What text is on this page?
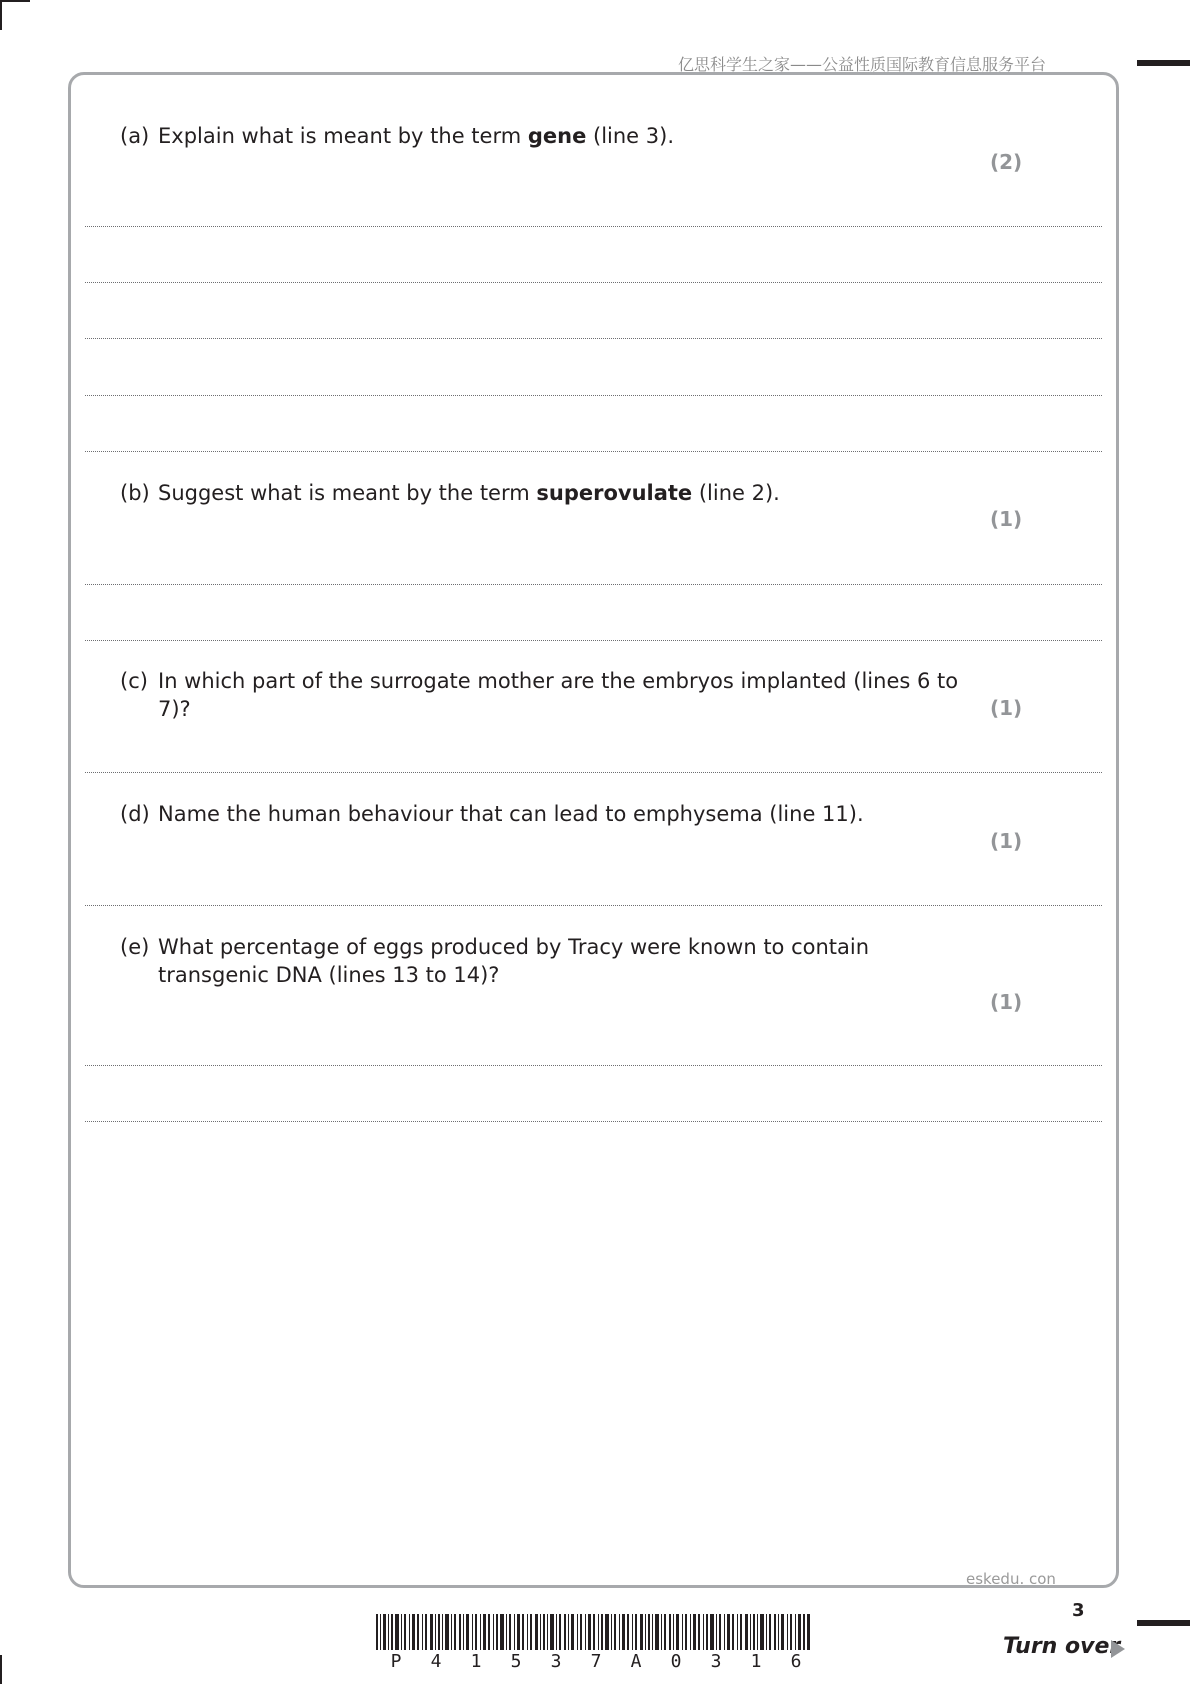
亿思科学生之家——公益性质国际教育信息服务平台
(a) Explain what is meant by the term gene (line 3).
(2)
(b) Suggest what is meant by the term superovulate (line 2).
(1)
(c) In which part of the surrogate mother are the embryos implanted (lines 6 to 7)?	(1)
(d) Name the human behaviour that can lead to emphysema (line 11).
(1)
(e) What percentage of eggs produced by Tracy were known to contain transgenic DNA (lines 13 to 14)?
(1)
eskedu. con
3
P 4 1 5 3 7 A 0 3 1 6
Turn over
